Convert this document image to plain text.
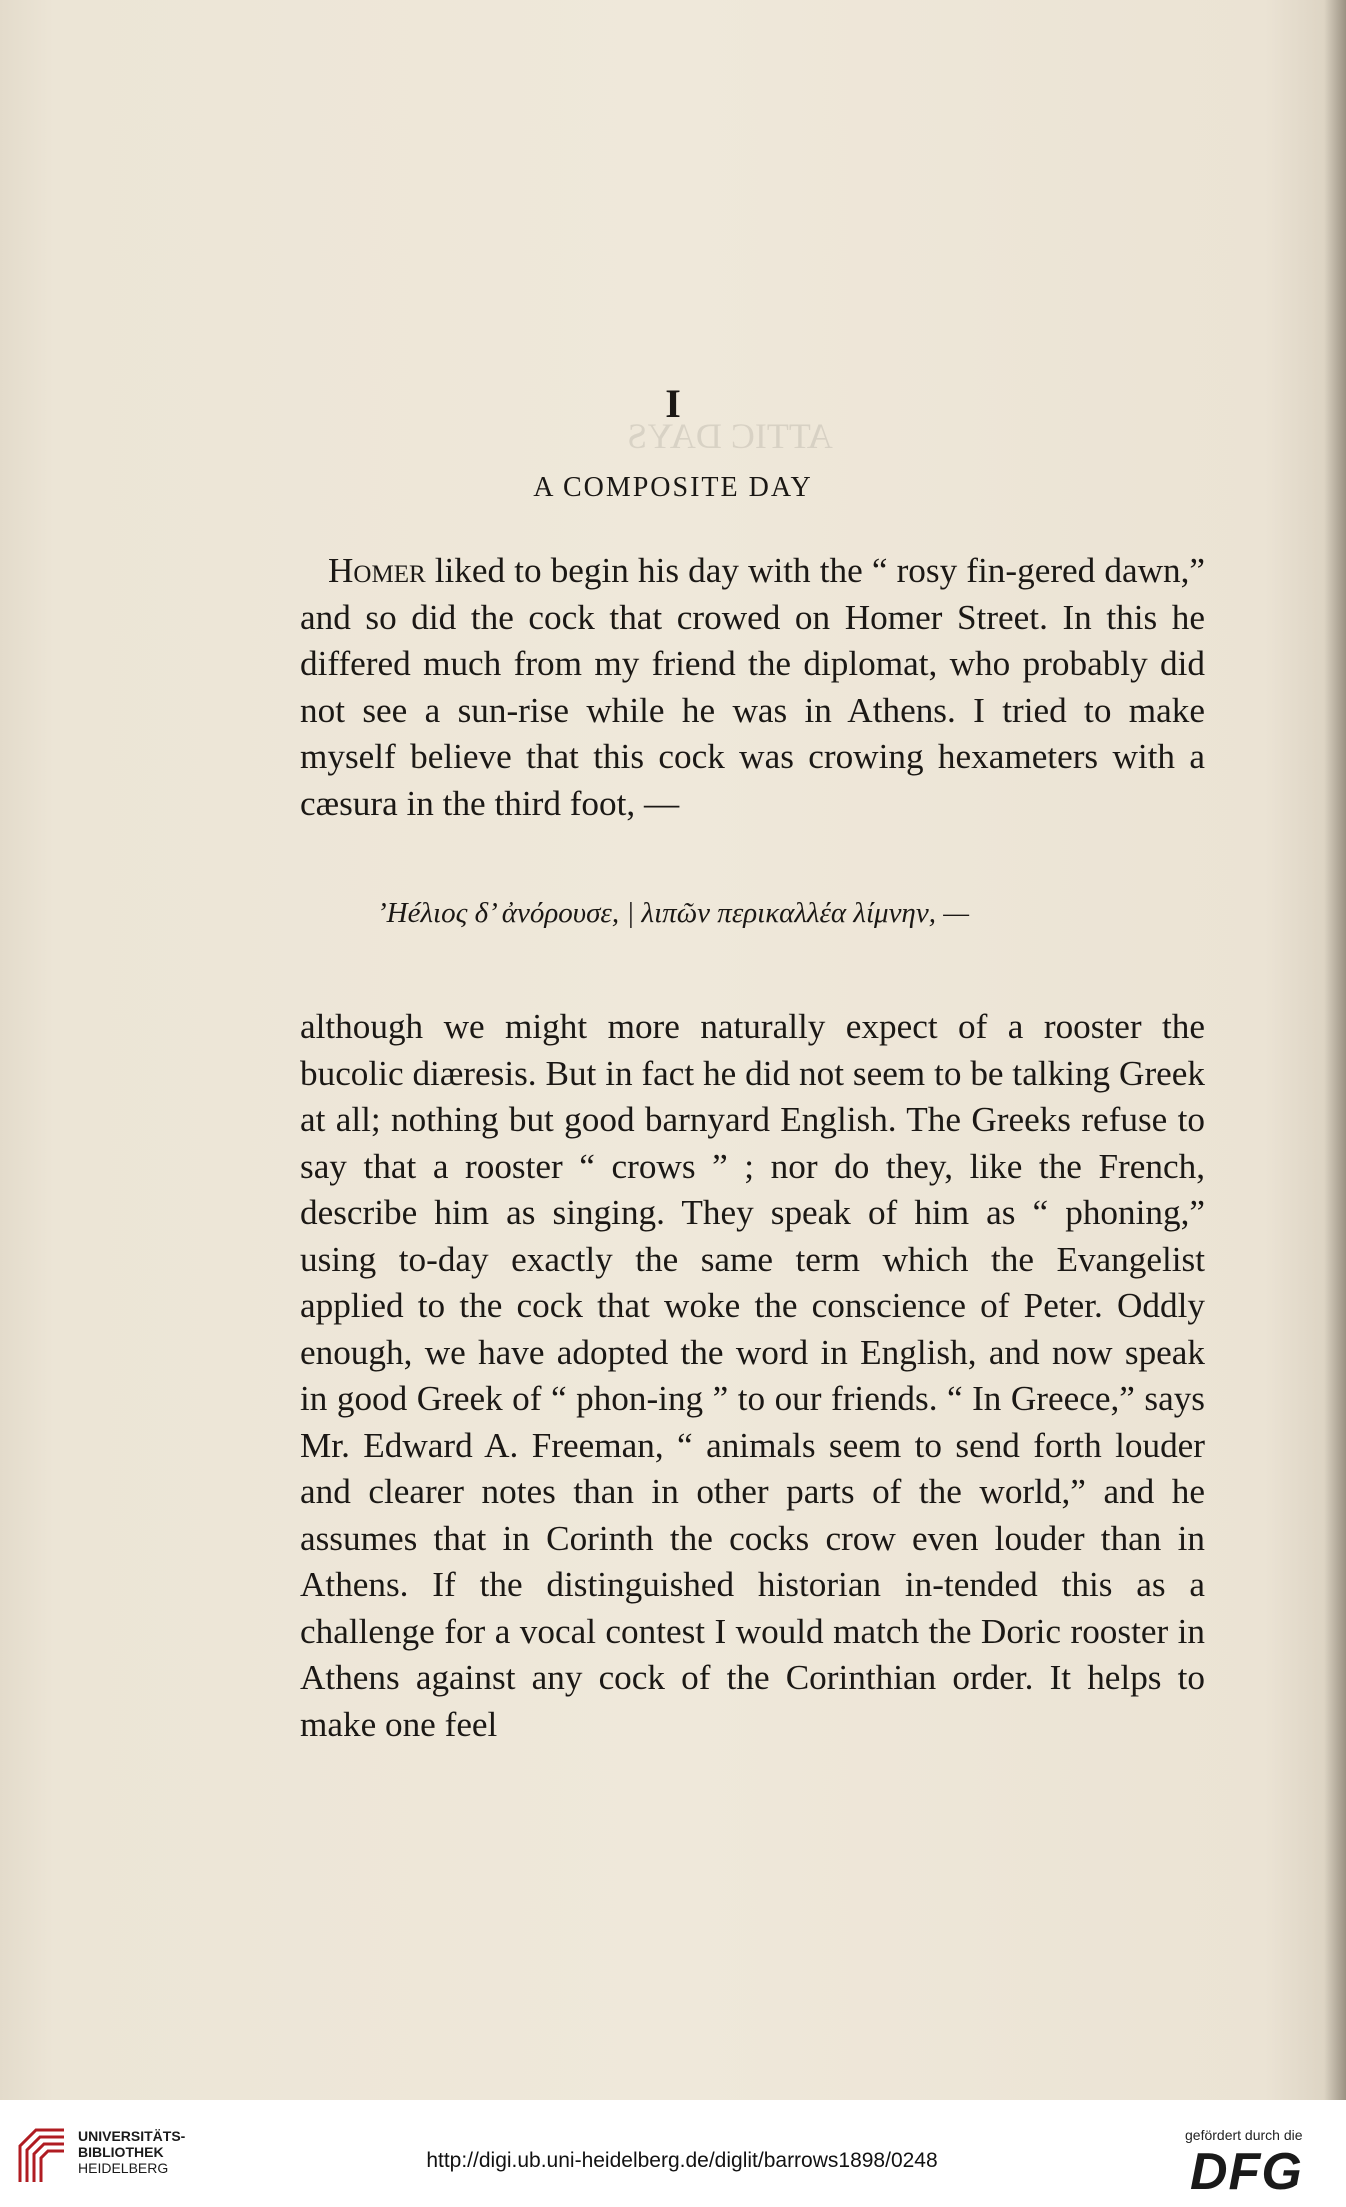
ATTIC DAYS
I
A COMPOSITE DAY

Homer liked to begin his day with the “ rosy fin-gered dawn,” and so did the cock that crowed on Homer Street. In this he differed much from my friend the diplomat, who probably did not see a sun-rise while he was in Athens. I tried to make myself believe that this cock was crowing hexameters with a cæsura in the third foot, —

’Héλιος δ’ ἀνόρουσε, | λιπῶν περικαλλέα λίμνην, —

although we might more naturally expect of a rooster the bucolic diæresis. But in fact he did not seem to be talking Greek at all; nothing but good barnyard English. The Greeks refuse to say that a rooster “ crows ” ; nor do they, like the French, describe him as singing. They speak of him as “ phoning,” using to-day exactly the same term which the Evangelist applied to the cock that woke the conscience of Peter. Oddly enough, we have adopted the word in English, and now speak in good Greek of “ phon-ing ” to our friends. “ In Greece,” says Mr. Edward A. Freeman, “ animals seem to send forth louder and clearer notes than in other parts of the world,” and he assumes that in Corinth the cocks crow even louder than in Athens. If the distinguished historian in-tended this as a challenge for a vocal contest I would match the Doric rooster in Athens against any cock of the Corinthian order. It helps to make one feel

UNIVERSITÄTS-
BIBLIOTHEK
HEIDELBERG	http://digi.ub.uni-heidelberg.de/diglit/barrows1898/0248
gefördert durch die
DFG
